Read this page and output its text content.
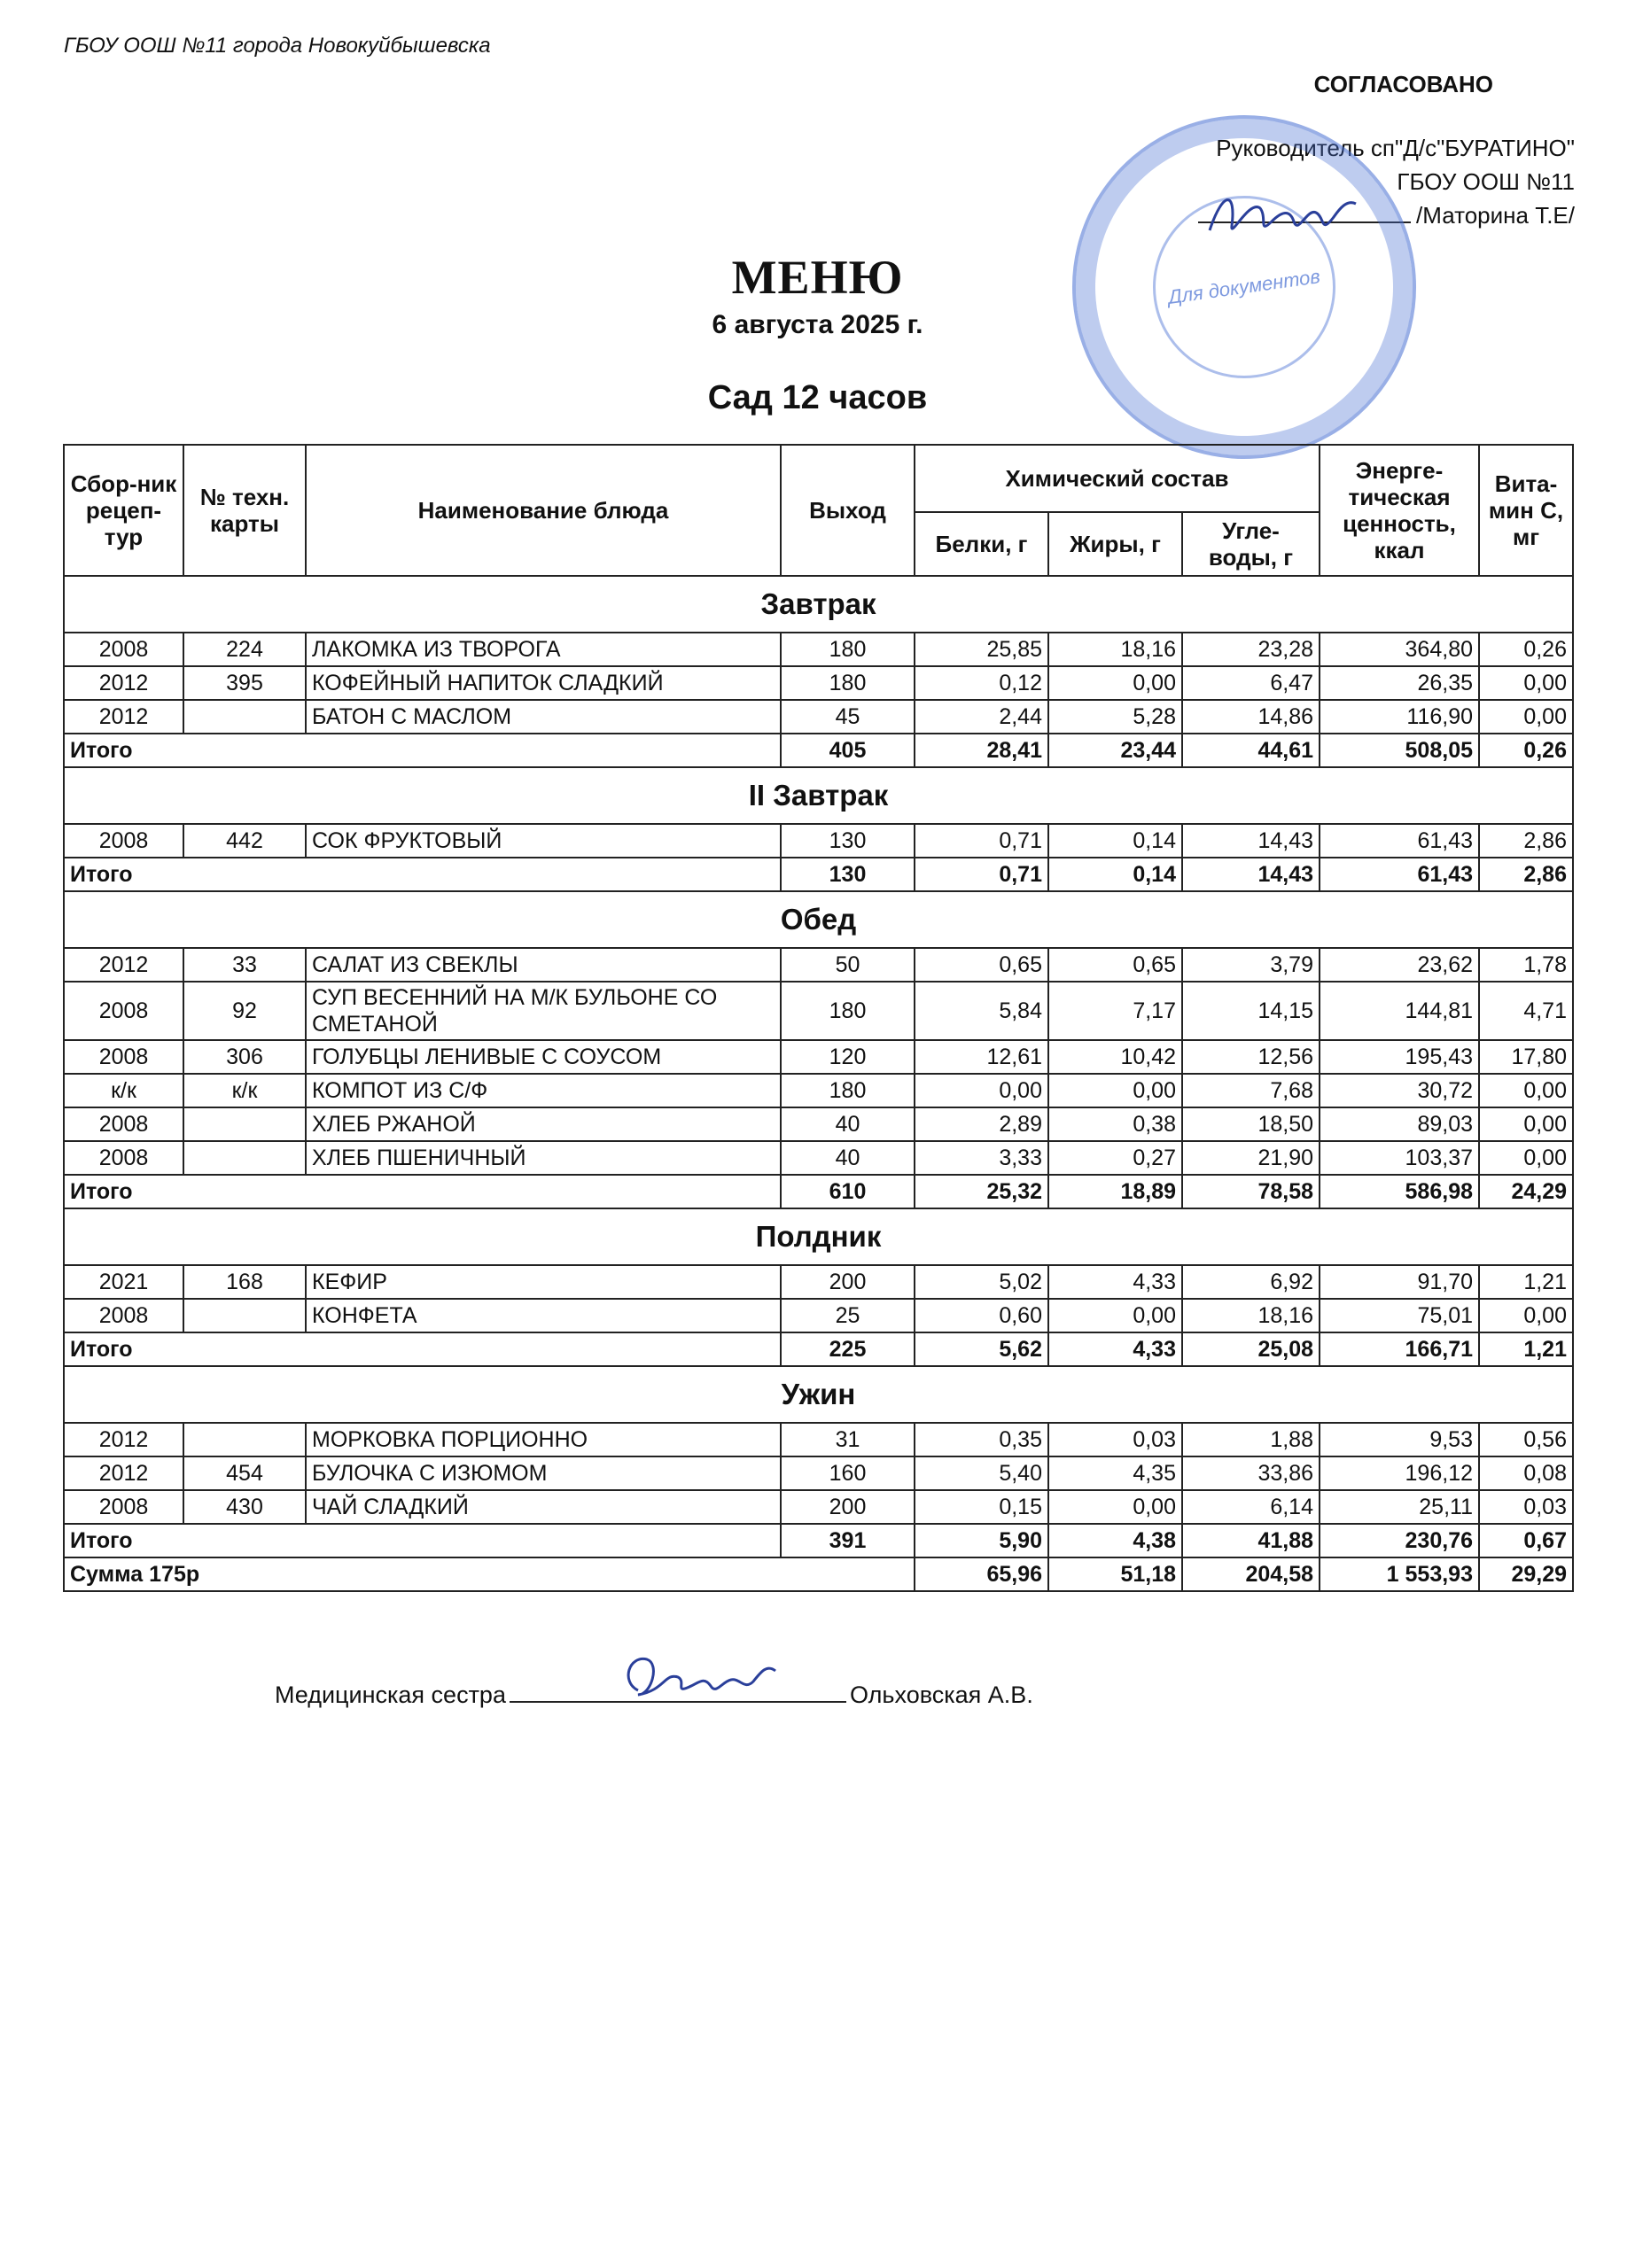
ГБОУ ООШ №11 города Новокуйбышевска
СОГЛАСОВАНО
Руководитель сп"Д/с"БУРАТИНО"
ГБОУ ООШ №11
/Маторина Т.Е/
Для документов
МЕНЮ
6 августа 2025 г.
Сад 12 часов
Сбор-ник рецеп-тур	№ техн. карты	Наименование блюда	Выход	Химический состав			Энерге-тическая ценность, ккал	Вита-мин С, мг
				Белки, г	Жиры, г	Угле-воды, г		
Завтрак								
2008	224	ЛАКОМКА ИЗ ТВОРОГА	180	25,85	18,16	23,28	364,80	0,26
2012	395	КОФЕЙНЫЙ НАПИТОК СЛАДКИЙ	180	0,12	0,00	6,47	26,35	0,00
2012		БАТОН С МАСЛОМ	45	2,44	5,28	14,86	116,90	0,00
Итого			405	28,41	23,44	44,61	508,05	0,26
II Завтрак								
2008	442	СОК ФРУКТОВЫЙ	130	0,71	0,14	14,43	61,43	2,86
Итого			130	0,71	0,14	14,43	61,43	2,86
Обед								
2012	33	САЛАТ ИЗ СВЕКЛЫ	50	0,65	0,65	3,79	23,62	1,78
2008	92	СУП ВЕСЕННИЙ НА М/К БУЛЬОНЕ СО СМЕТАНОЙ	180	5,84	7,17	14,15	144,81	4,71
2008	306	ГОЛУБЦЫ ЛЕНИВЫЕ С СОУСОМ	120	12,61	10,42	12,56	195,43	17,80
к/к	к/к	КОМПОТ ИЗ С/Ф	180	0,00	0,00	7,68	30,72	0,00
2008		ХЛЕБ РЖАНОЙ	40	2,89	0,38	18,50	89,03	0,00
2008		ХЛЕБ ПШЕНИЧНЫЙ	40	3,33	0,27	21,90	103,37	0,00
Итого			610	25,32	18,89	78,58	586,98	24,29
Полдник								
2021	168	КЕФИР	200	5,02	4,33	6,92	91,70	1,21
2008		КОНФЕТА	25	0,60	0,00	18,16	75,01	0,00
Итого			225	5,62	4,33	25,08	166,71	1,21
Ужин								
2012		МОРКОВКА ПОРЦИОННО	31	0,35	0,03	1,88	9,53	0,56
2012	454	БУЛОЧКА С ИЗЮМОМ	160	5,40	4,35	33,86	196,12	0,08
2008	430	ЧАЙ СЛАДКИЙ	200	0,15	0,00	6,14	25,11	0,03
Итого			391	5,90	4,38	41,88	230,76	0,67
Сумма 175р				65,96	51,18	204,58	1 553,93	29,29
Медицинская сестра	Ольховская А.В.
